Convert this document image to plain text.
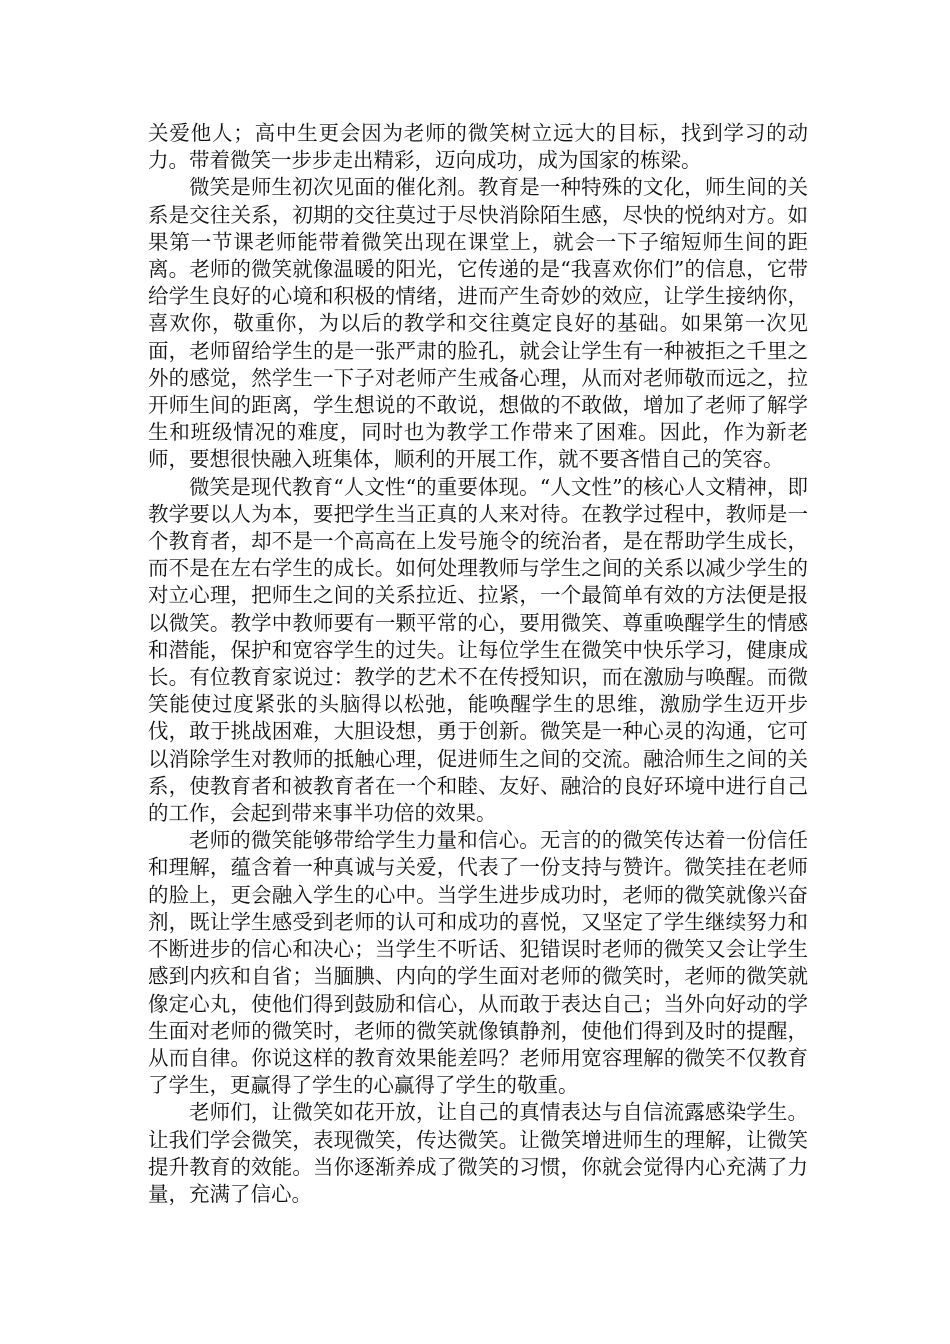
关爱他人；高中生更会因为老师的微笑树立远大的目标，找到学习的动力。带着微笑一步步走出精彩，迈向成功，成为国家的栋梁。

微笑是师生初次见面的催化剂。教育是一种特殊的文化，师生间的关系是交往关系，初期的交往莫过于尽快消除陌生感，尽快的悦纳对方。如果第一节课老师能带着微笑出现在课堂上，就会一下子缩短师生间的距离。老师的微笑就像温暖的阳光，它传递的是“我喜欢你们”的信息，它带给学生良好的心境和积极的情绪，进而产生奇妙的效应，让学生接纳你，喜欢你，敬重你，为以后的教学和交往奠定良好的基础。如果第一次见面，老师留给学生的是一张严肃的脸孔，就会让学生有一种被拒之千里之外的感觉，然学生一下子对老师产生戒备心理，从而对老师敬而远之，拉开师生间的距离，学生想说的不敢说，想做的不敢做，增加了老师了解学生和班级情况的难度，同时也为教学工作带来了困难。因此，作为新老师，要想很快融入班集体，顺利的开展工作，就不要吝惜自己的笑容。

微笑是现代教育“人文性“的重要体现。“人文性”的核心人文精神，即教学要以人为本，要把学生当正真的人来对待。在教学过程中，教师是一个教育者，却不是一个高高在上发号施令的统治者，是在帮助学生成长，而不是在左右学生的成长。如何处理教师与学生之间的关系以减少学生的对立心理，把师生之间的关系拉近、拉紧，一个最简单有效的方法便是报以微笑。教学中教师要有一颗平常的心，要用微笑、尊重唤醒学生的情感和潜能，保护和宽容学生的过失。让每位学生在微笑中快乐学习，健康成长。有位教育家说过：教学的艺术不在传授知识，而在激励与唤醒。而微笑能使过度紧张的头脑得以松弛，能唤醒学生的思维，激励学生迈开步伐，敢于挑战困难，大胆设想，勇于创新。微笑是一种心灵的沟通，它可以消除学生对教师的抵触心理，促进师生之间的交流。融洽师生之间的关系，使教育者和被教育者在一个和睦、友好、融洽的良好环境中进行自己的工作，会起到带来事半功倍的效果。

老师的微笑能够带给学生力量和信心。无言的的微笑传达着一份信任和理解，蕴含着一种真诚与关爱，代表了一份支持与赞许。微笑挂在老师的脸上，更会融入学生的心中。当学生进步成功时，老师的微笑就像兴奋剂，既让学生感受到老师的认可和成功的喜悦，又坚定了学生继续努力和不断进步的信心和决心；当学生不听话、犯错误时老师的微笑又会让学生感到内疚和自省；当腼腆、内向的学生面对老师的微笑时，老师的微笑就像定心丸，使他们得到鼓励和信心，从而敢于表达自己；当外向好动的学生面对老师的微笑时，老师的微笑就像镇静剂，使他们得到及时的提醒，从而自律。你说这样的教育效果能差吗？老师用宽容理解的微笑不仅教育了学生，更赢得了学生的心赢得了学生的敬重。

老师们，让微笑如花开放，让自己的真情表达与自信流露感染学生。让我们学会微笑，表现微笑，传达微笑。让微笑增进师生的理解，让微笑提升教育的效能。当你逐渐养成了微笑的习惯，你就会觉得内心充满了力量，充满了信心。
